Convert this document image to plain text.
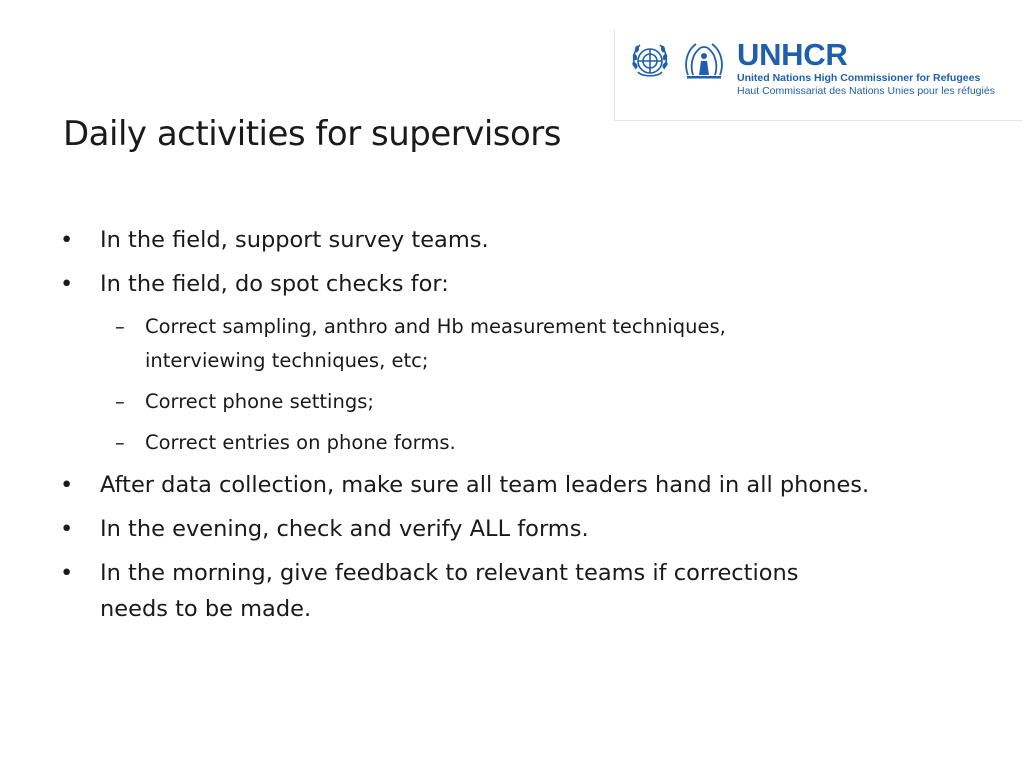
UNHCR
United Nations High Commissioner for Refugees
Haut Commissariat des Nations Unies pour les réfugiés
Daily activities for supervisors
• In the field, support survey teams.
• In the field, do spot checks for:
– Correct sampling, anthro and Hb measurement techniques,
interviewing techniques, etc;
– Correct phone settings;
– Correct entries on phone forms.
• After data collection, make sure all team leaders hand in all phones.
• In the evening, check and verify ALL forms.
• In the morning, give feedback to relevant teams if corrections
needs to be made.
